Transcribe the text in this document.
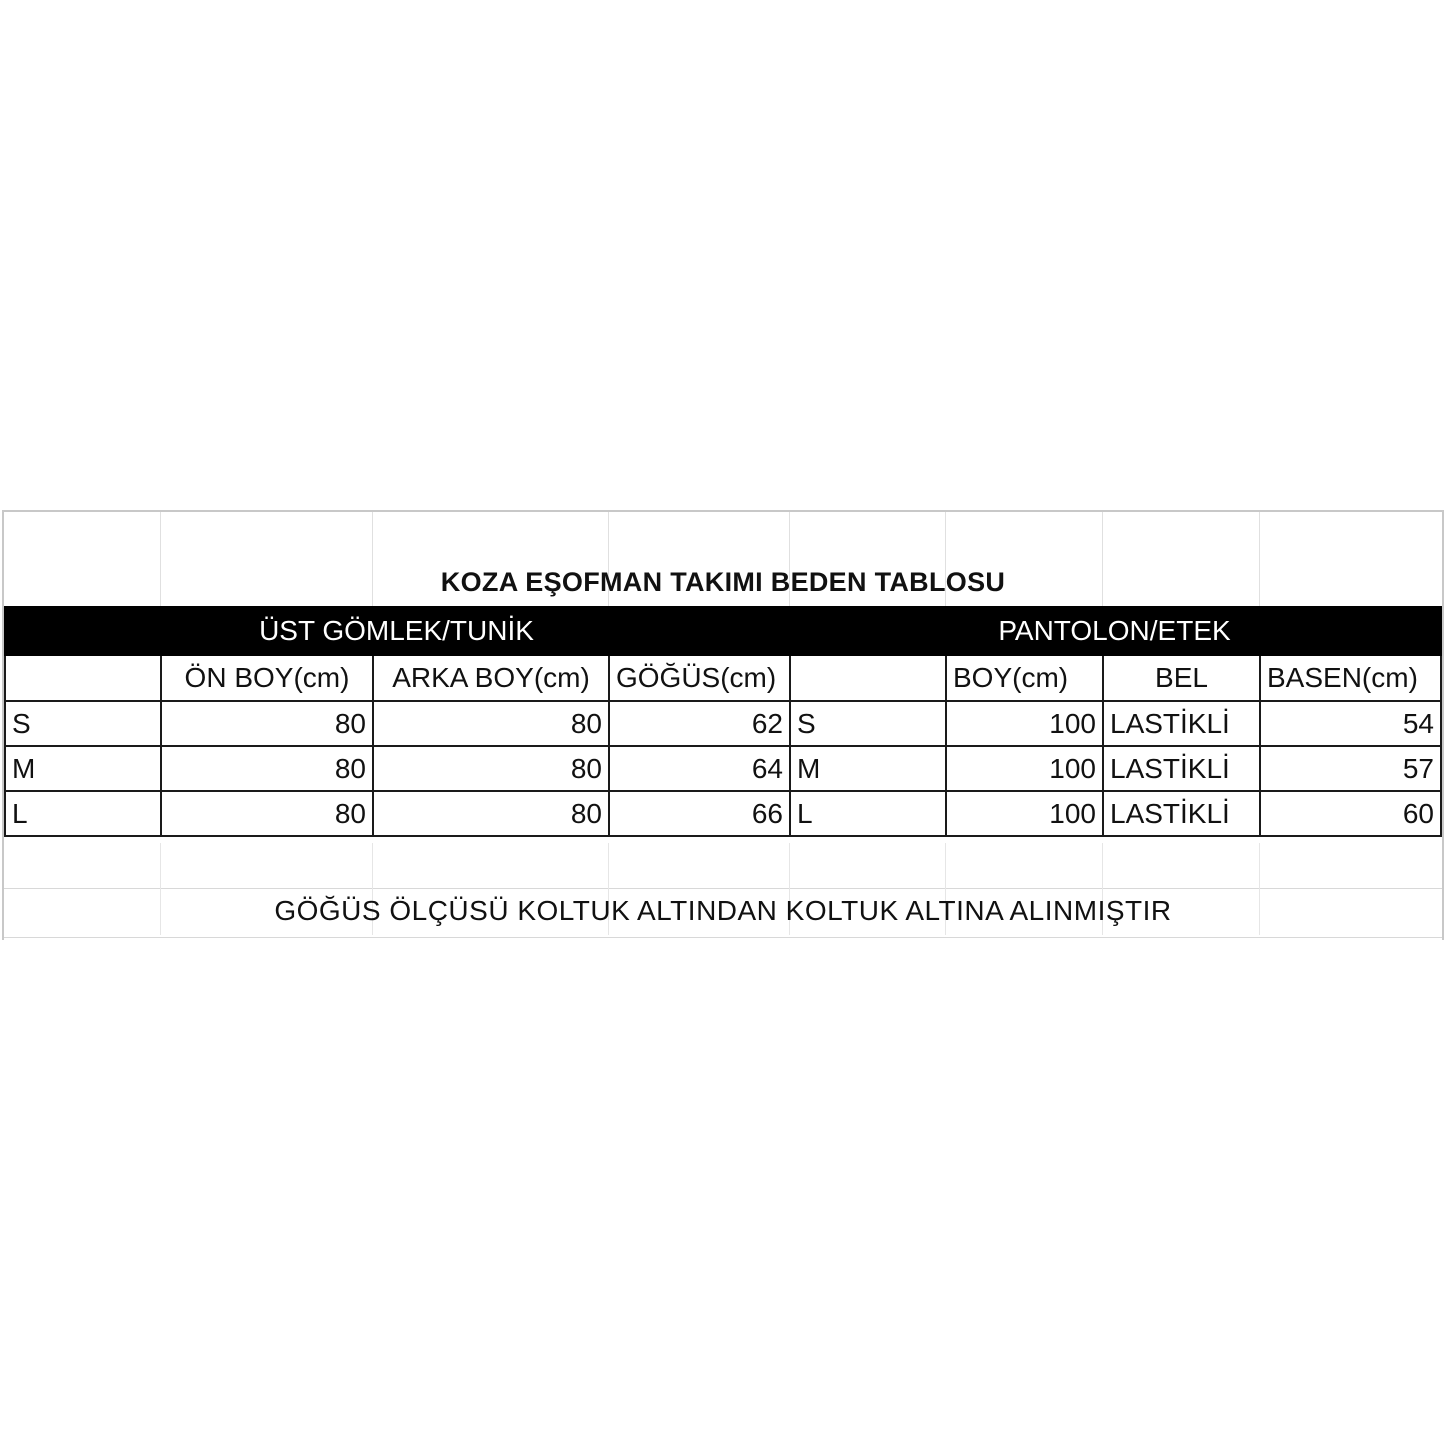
KOZA EŞOFMAN TAKIMI BEDEN TABLOSU
ÜST GÖMLEK/TUNİK	PANTOLON/ETEK
	ÖN BOY(cm)	ARKA BOY(cm)	GÖĞÜS(cm)		BOY(cm)	BEL	BASEN(cm)
S	80	80	62	S	100	LASTİKLİ	54
M	80	80	64	M	100	LASTİKLİ	57
L	80	80	66	L	100	LASTİKLİ	60
GÖĞÜS ÖLÇÜSÜ KOLTUK ALTINDAN KOLTUK ALTINA ALINMIŞTIR
